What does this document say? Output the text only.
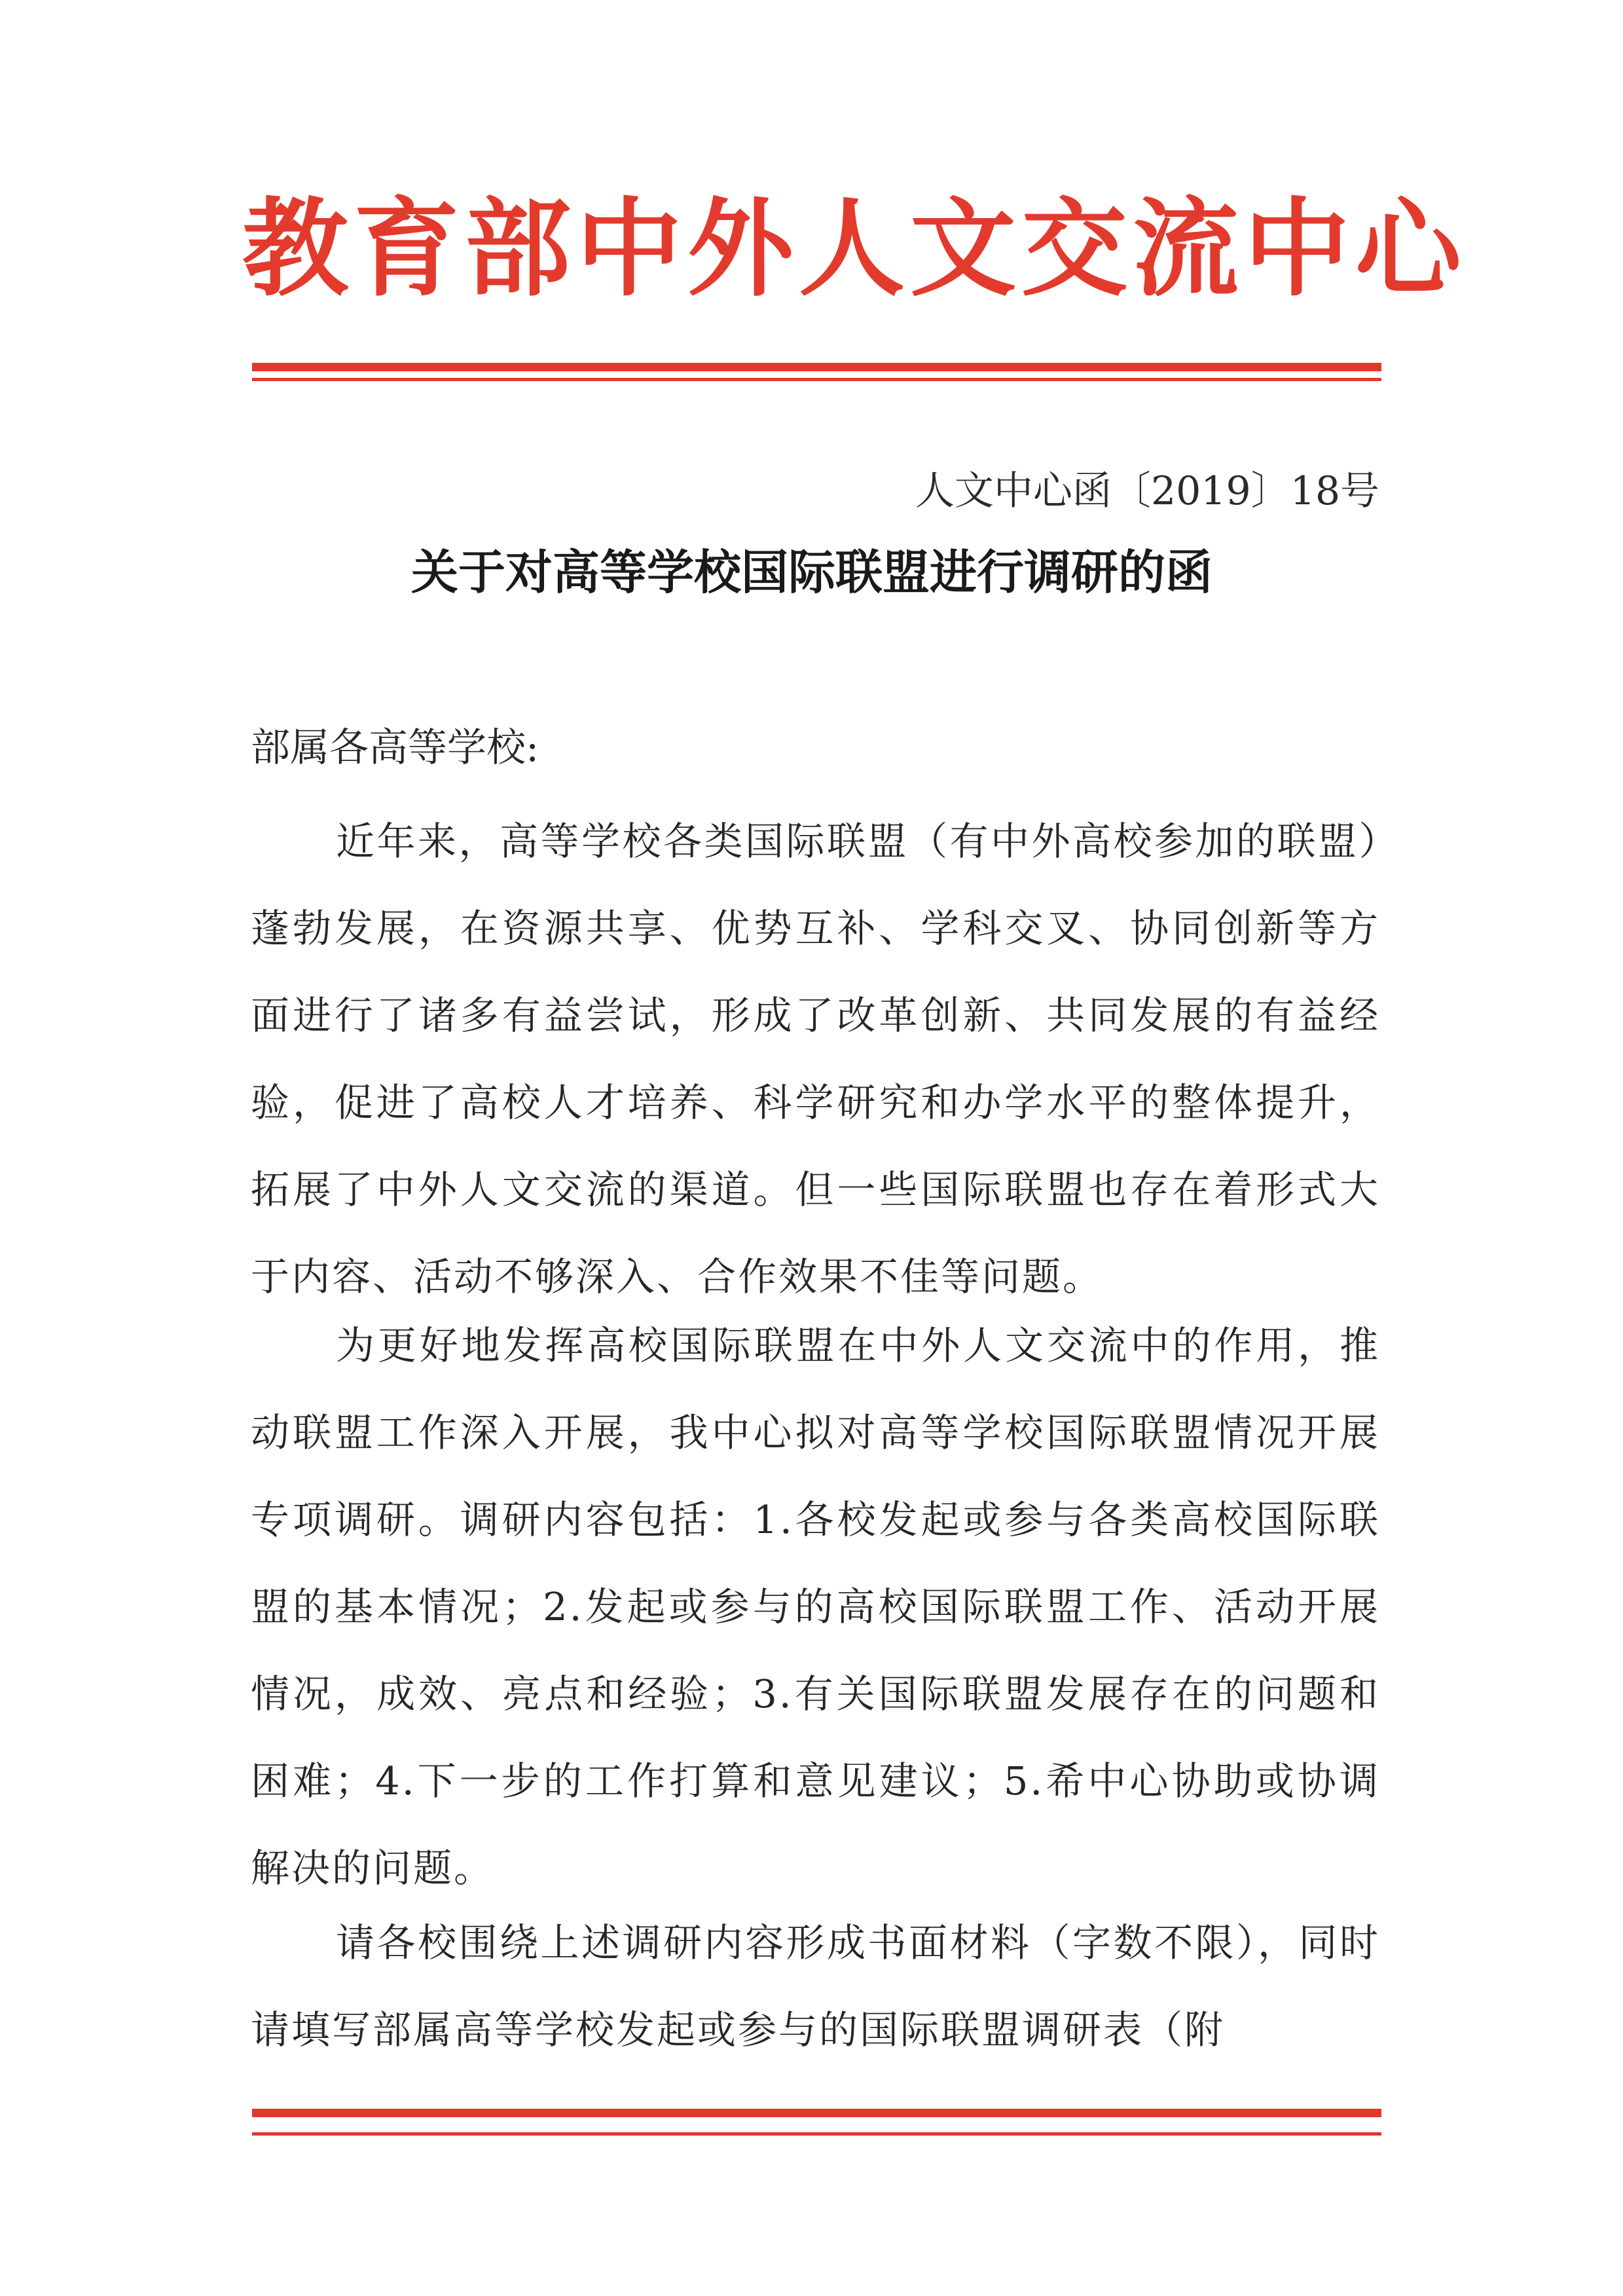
教育部中外人文交流中心
人文中心函〔2019〕18号
关于对高等学校国际联盟进行调研的函
部属各高等学校:
近年来，高等学校各类国际联盟（有中外高校参加的联盟）蓬勃发展，在资源共享、优势互补、学科交叉、协同创新等方面进行了诸多有益尝试，形成了改革创新、共同发展的有益经验，促进了高校人才培养、科学研究和办学水平的整体提升，拓展了中外人文交流的渠道。但一些国际联盟也存在着形式大于内容、活动不够深入、合作效果不佳等问题。
为更好地发挥高校国际联盟在中外人文交流中的作用，推动联盟工作深入开展，我中心拟对高等学校国际联盟情况开展专项调研。调研内容包括：1.各校发起或参与各类高校国际联盟的基本情况；2.发起或参与的高校国际联盟工作、活动开展情况，成效、亮点和经验；3.有关国际联盟发展存在的问题和困难；4.下一步的工作打算和意见建议；5.希中心协助或协调解决的问题。
请各校围绕上述调研内容形成书面材料（字数不限），同时请填写部属高等学校发起或参与的国际联盟调研表（附
